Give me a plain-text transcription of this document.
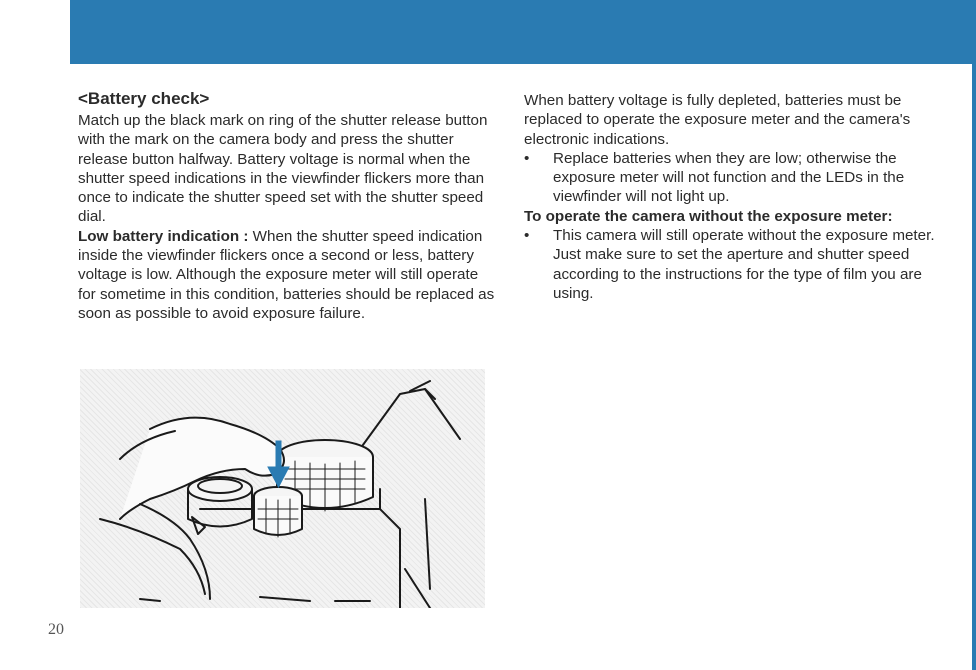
<Battery check>

Match up the black mark on ring of the shutter release button with the mark on the camera body and press the shutter release button halfway. Battery voltage is normal when the shutter speed indications in the viewfinder flickers more than once to indicate the shutter speed set with the shutter speed dial.

Low battery indication : When the shutter speed indication inside the viewfinder flickers once a second or less, battery voltage is low. Although the exposure meter will still operate for sometime in this condition, batteries should be replaced as soon as possible to avoid exposure failure.

When battery voltage is fully depleted, batteries must be replaced to operate the exposure meter and the camera's electronic indications.

•	Replace batteries when they are low; otherwise the exposure meter will not function and the LEDs in the viewfinder will not light up.

To operate the camera without the exposure meter:

•	This camera will still operate without the exposure meter. Just make sure to set the aperture and shutter speed according to the instructions for the type of film you are using.
20
